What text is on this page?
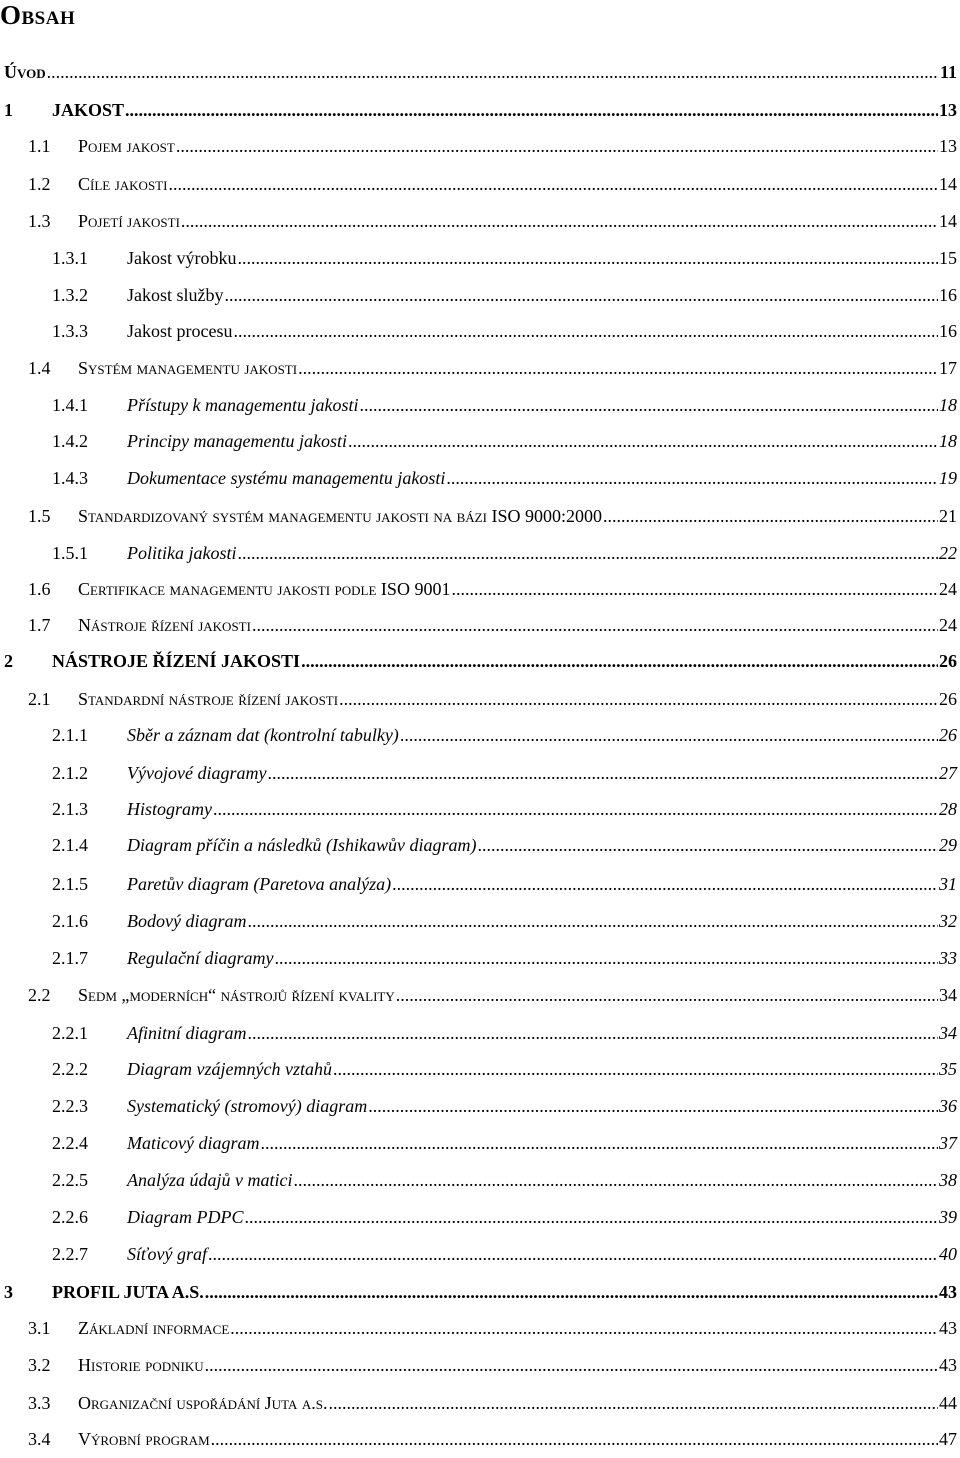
Obsah
Úvod .....	11
1	JAKOST .....	13
1.1	Pojem jakost .....	13
1.2	Cíle jakosti .....	14
1.3	Pojetí jakosti .....	14
1.3.1	Jakost výrobku .....	15
1.3.2	Jakost služby .....	16
1.3.3	Jakost procesu .....	16
1.4	Systém managementu jakosti .....	17
1.4.1	Přístupy k managementu jakosti .....	18
1.4.2	Principy managementu jakosti .....	18
1.4.3	Dokumentace systému managementu jakosti .....	19
1.5	Standardizovaný systém managementu jakosti na bázi ISO 9000:2000 .....	21
1.5.1	Politika jakosti .....	22
1.6	Certifikace managementu jakosti podle ISO 9001 .....	24
1.7	Nástroje řízení jakosti .....	24
2	NÁSTROJE ŘÍZENÍ JAKOSTI .....	26
2.1	Standardní nástroje řízení jakosti .....	26
2.1.1	Sběr a záznam dat (kontrolní tabulky) .....	26
2.1.2	Vývojové diagramy .....	27
2.1.3	Histogramy .....	28
2.1.4	Diagram příčin a následků (Ishikawův diagram) .....	29
2.1.5	Paretův diagram (Paretova analýza) .....	31
2.1.6	Bodový diagram .....	32
2.1.7	Regulační diagramy .....	33
2.2	Sedm „moderních“ nástrojů řízení kvality .....	34
2.2.1	Afinitní diagram .....	34
2.2.2	Diagram vzájemných vztahů .....	35
2.2.3	Systematický (stromový) diagram .....	36
2.2.4	Maticový diagram .....	37
2.2.5	Analýza údajů v matici .....	38
2.2.6	Diagram PDPC .....	39
2.2.7	Síťový graf .....	40
3	PROFIL JUTA A.S. .....	43
3.1	Základní informace .....	43
3.2	Historie podniku .....	43
3.3	Organizační uspořádání Juta a.s. .....	44
3.4	Výrobní program .....	47
